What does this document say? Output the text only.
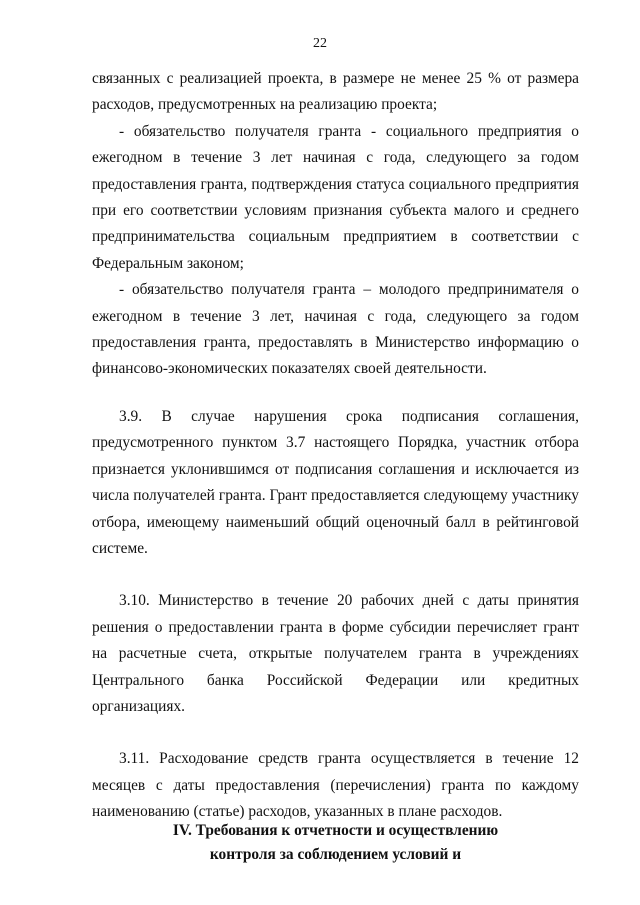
22

связанных с реализацией проекта, в размере не менее 25 % от размера расходов, предусмотренных на реализацию проекта;

- обязательство получателя гранта - социального предприятия о ежегодном в течение 3 лет начиная с года, следующего за годом предоставления гранта, подтверждения статуса социального предприятия при его соответствии условиям признания субъекта малого и среднего предпринимательства социальным предприятием в соответствии с Федеральным законом;

- обязательство получателя гранта – молодого предпринимателя о ежегодном в течение 3 лет, начиная с года, следующего за годом предоставления гранта, предоставлять в Министерство информацию о финансово-экономических показателях своей деятельности.

3.9. В случае нарушения срока подписания соглашения, предусмотренного пунктом 3.7 настоящего Порядка, участник отбора признается уклонившимся от подписания соглашения и исключается из числа получателей гранта. Грант предоставляется следующему участнику отбора, имеющему наименьший общий оценочный балл в рейтинговой системе.

3.10. Министерство в течение 20 рабочих дней с даты принятия решения о предоставлении гранта в форме субсидии перечисляет грант на расчетные счета, открытые получателем гранта в учреждениях Центрального банка Российской Федерации или кредитных организациях.

3.11. Расходование средств гранта осуществляется в течение 12 месяцев с даты предоставления (перечисления) гранта по каждому наименованию (статье) расходов, указанных в плане расходов.

IV. Требования к отчетности и осуществлению
контроля за соблюдением условий и
